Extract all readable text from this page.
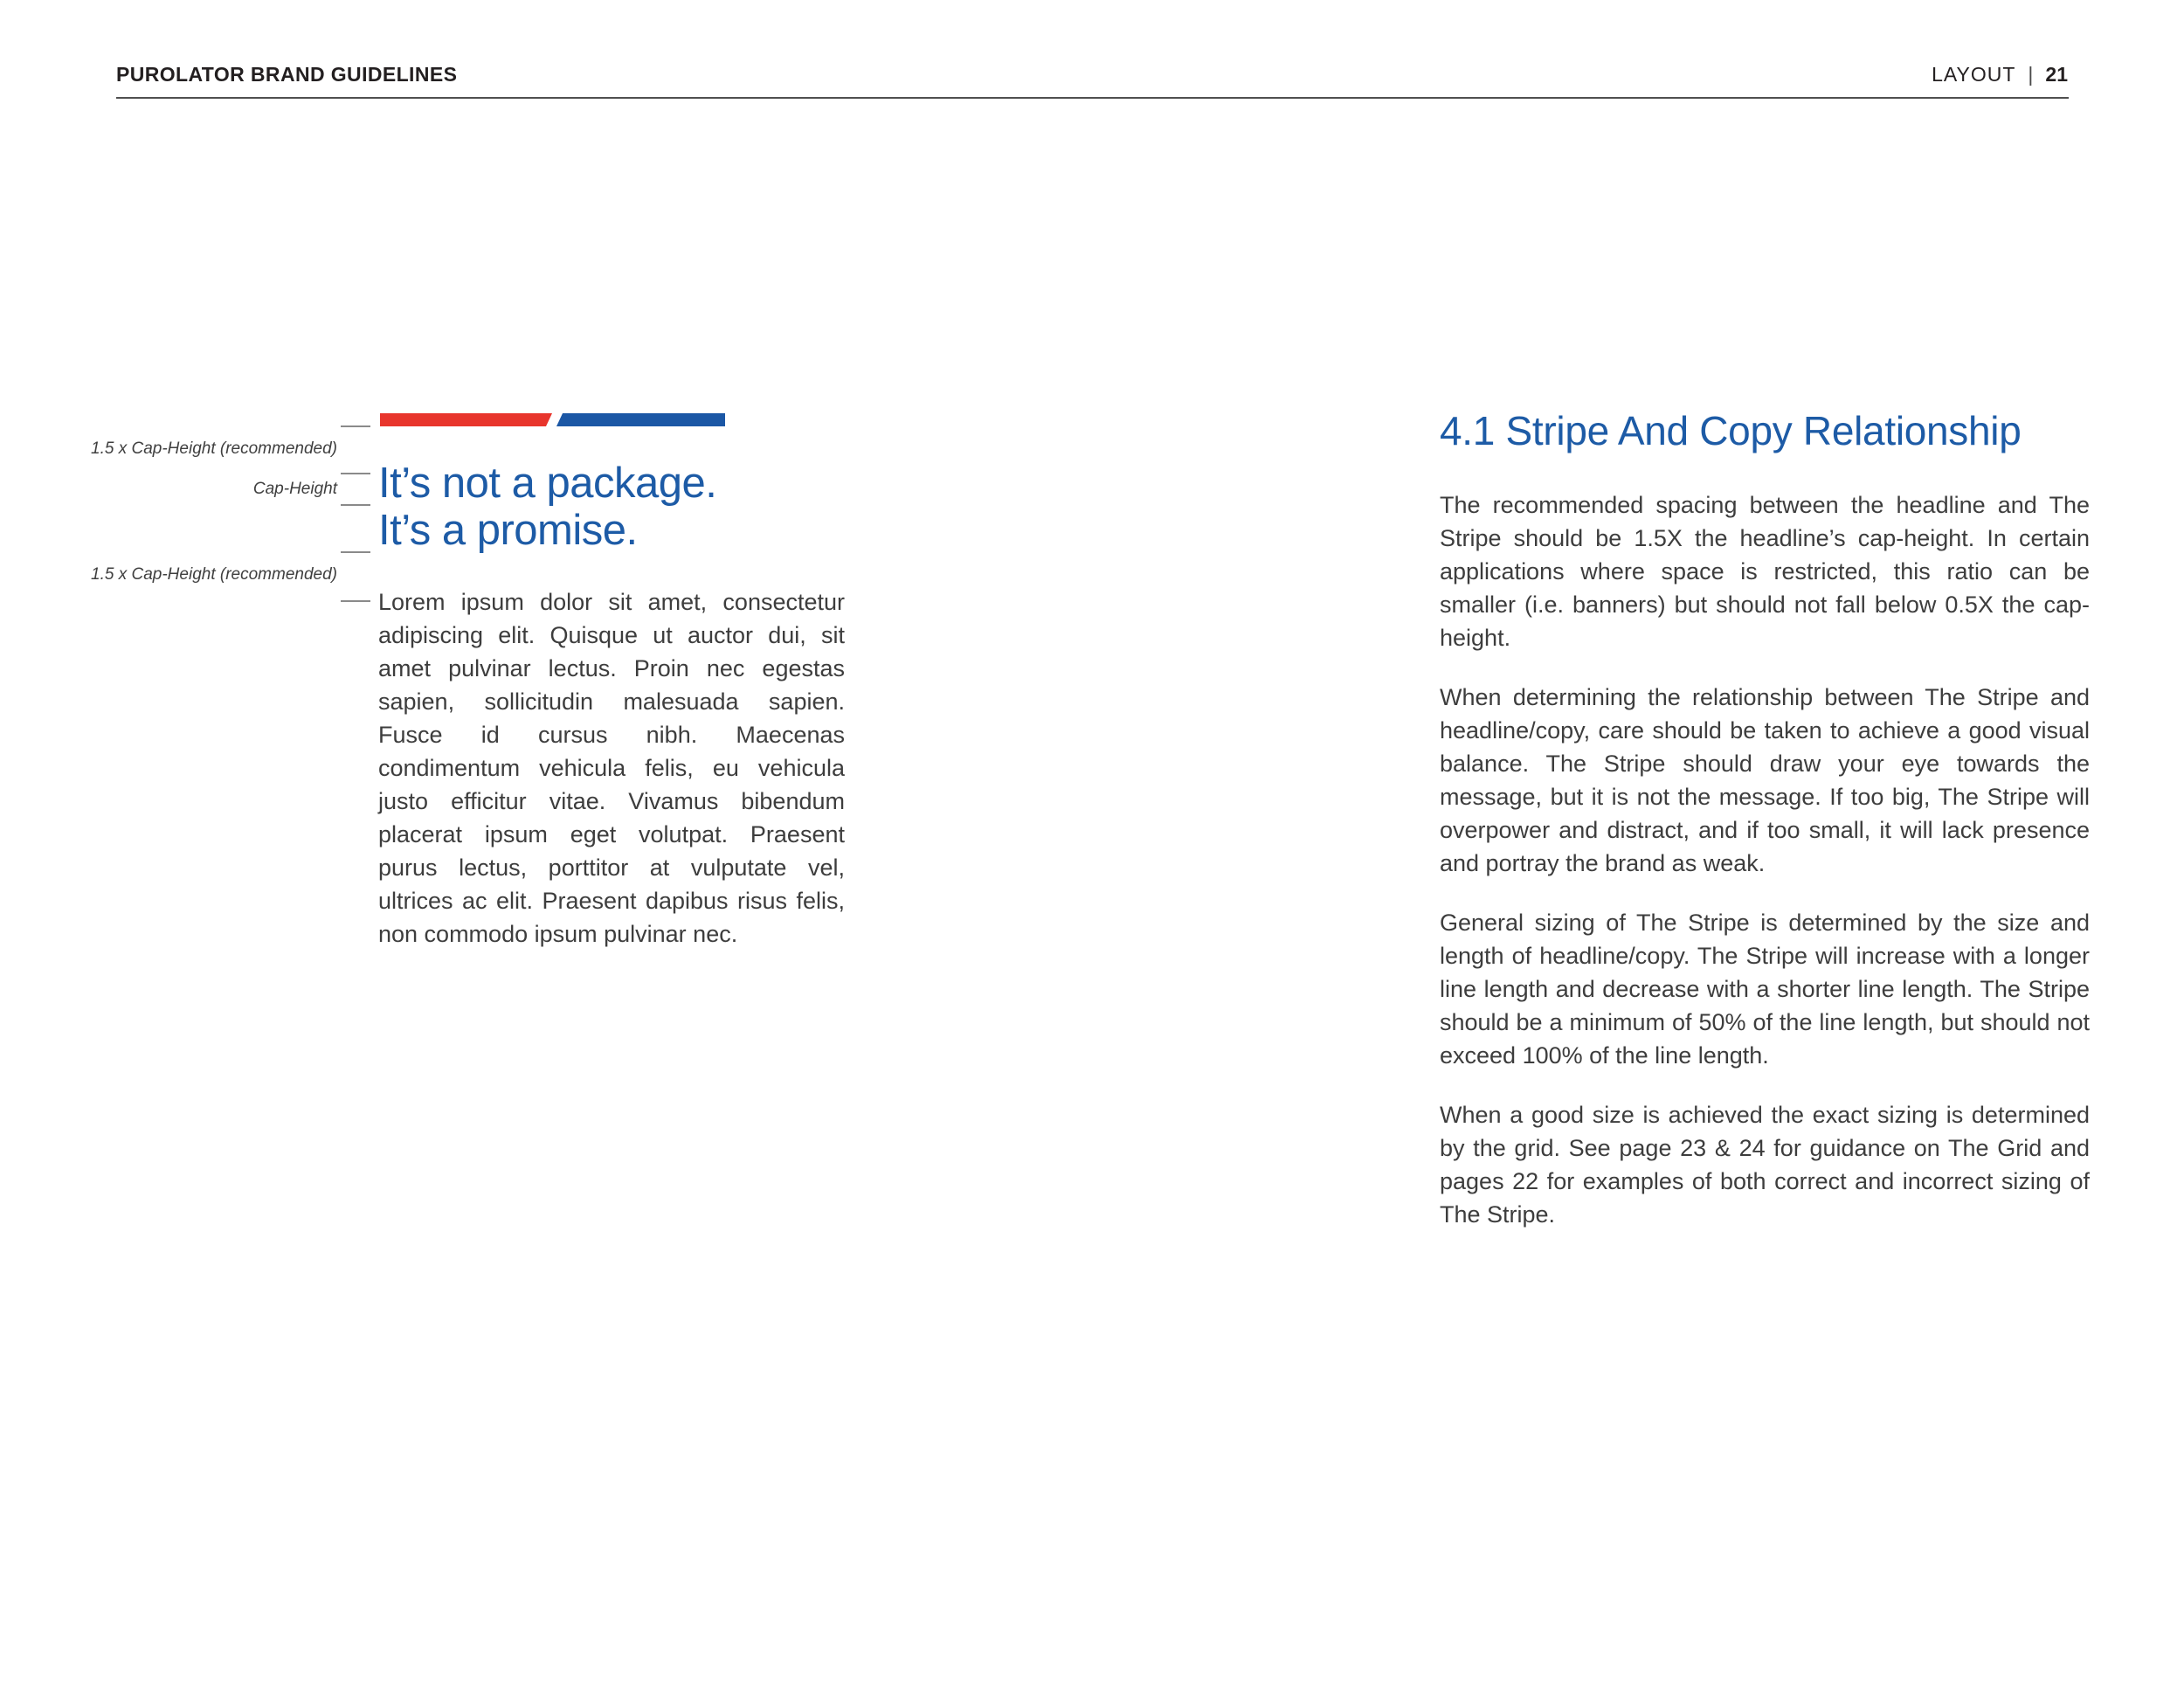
PUROLATOR BRAND GUIDELINES	LAYOUT | 21
1.5 x Cap-Height (recommended)
Cap-Height
1.5 x Cap-Height (recommended)
It’s not a package.
It’s a promise.
Lorem ipsum dolor sit amet, consectetur adipiscing elit. Quisque ut auctor dui, sit amet pulvinar lectus. Proin nec egestas sapien, sollicitudin malesuada sapien. Fusce id cursus nibh. Maecenas condimentum vehicula felis, eu vehicula justo efficitur vitae. Vivamus bibendum placerat ipsum eget volutpat. Praesent purus lectus, porttitor at vulputate vel, ultrices ac elit. Praesent dapibus risus felis, non commodo ipsum pulvinar nec.
4.1 Stripe And Copy Relationship

The recommended spacing between the headline and The Stripe should be 1.5X the headline’s cap-height. In certain applications where space is restricted, this ratio can be smaller (i.e. banners) but should not fall below 0.5X the cap-height.

When determining the relationship between The Stripe and headline/copy, care should be taken to achieve a good visual balance. The Stripe should draw your eye towards the message, but it is not the message. If too big, The Stripe will overpower and distract, and if too small, it will lack presence and portray the brand as weak.

General sizing of The Stripe is determined by the size and length of headline/copy. The Stripe will increase with a longer line length and decrease with a shorter line length. The Stripe should be a minimum of 50% of the line length, but should not exceed 100% of the line length.

When a good size is achieved the exact sizing is determined by the grid. See page 23 & 24 for guidance on The Grid and pages 22 for examples of both correct and incorrect sizing of The Stripe.
